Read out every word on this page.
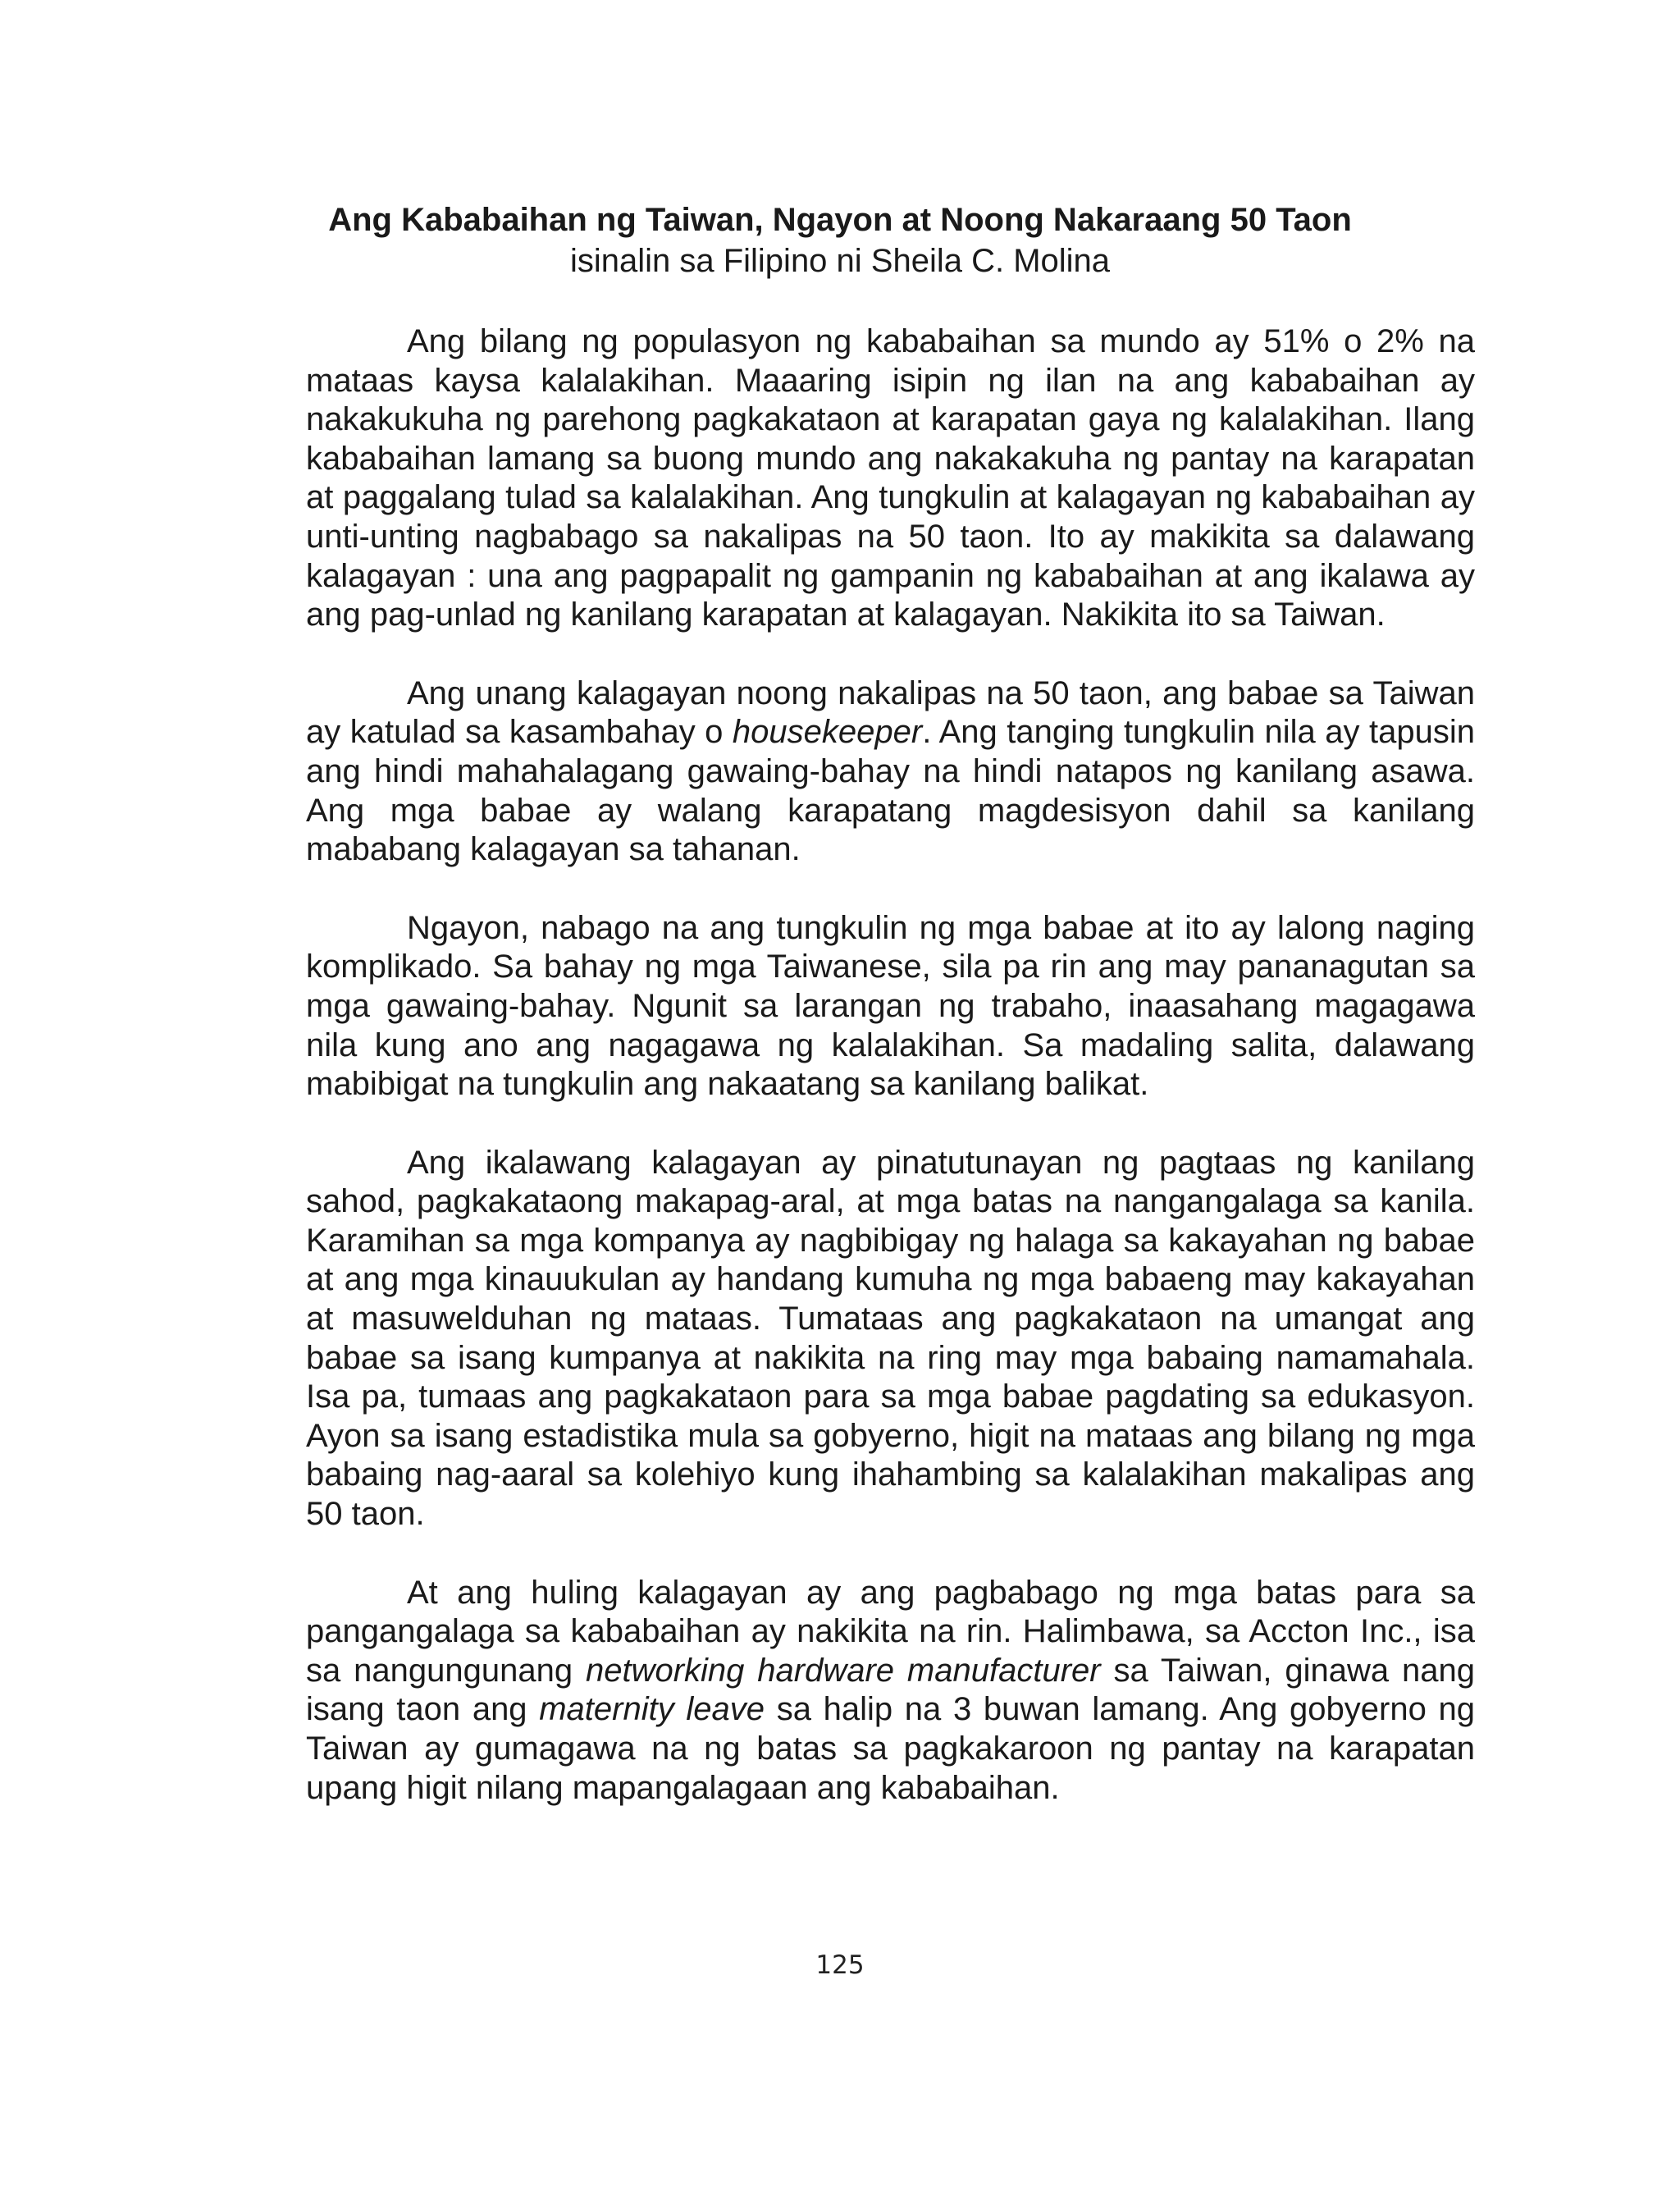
Ang Kababaihan ng Taiwan, Ngayon at Noong Nakaraang 50 Taon
isinalin sa Filipino ni Sheila C. Molina

Ang bilang ng populasyon ng kababaihan sa mundo ay 51% o 2% na mataas kaysa kalalakihan. Maaaring isipin ng ilan na ang kababaihan ay nakakukuha ng parehong pagkakataon at karapatan gaya ng kalalakihan. Ilang kababaihan lamang sa buong mundo ang nakakakuha ng pantay na karapatan at paggalang tulad sa kalalakihan. Ang tungkulin at kalagayan ng kababaihan ay unti-unting nagbabago sa nakalipas na 50 taon. Ito ay makikita sa dalawang kalagayan : una ang pagpapalit ng gampanin ng kababaihan at ang ikalawa ay ang pag-unlad ng kanilang karapatan at kalagayan. Nakikita ito sa Taiwan.

Ang unang kalagayan noong nakalipas na 50 taon, ang babae sa Taiwan ay katulad sa kasambahay o housekeeper. Ang tanging tungkulin nila ay tapusin ang hindi mahahalagang gawaing-bahay na hindi natapos ng kanilang asawa. Ang mga babae ay walang karapatang magdesisyon dahil sa kanilang mababang kalagayan sa tahanan.

Ngayon, nabago na ang tungkulin ng mga babae at ito ay lalong naging komplikado. Sa bahay ng mga Taiwanese, sila pa rin ang may pananagutan sa mga gawaing-bahay. Ngunit sa larangan ng trabaho, inaasahang magagawa nila kung ano ang nagagawa ng kalalakihan. Sa madaling salita, dalawang mabibigat na tungkulin ang nakaatang sa kanilang balikat.

Ang ikalawang kalagayan ay pinatutunayan ng pagtaas ng kanilang sahod, pagkakataong makapag-aral, at mga batas na nangangalaga sa kanila. Karamihan sa mga kompanya ay nagbibigay ng halaga sa kakayahan ng babae at ang mga kinauukulan ay handang kumuha ng mga babaeng may kakayahan at masuwelduhan ng mataas. Tumataas ang pagkakataon na umangat ang babae sa isang kumpanya at nakikita na ring may mga babaing namamahala. Isa pa, tumaas ang pagkakataon para sa mga babae pagdating sa edukasyon. Ayon sa isang estadistika mula sa gobyerno, higit na mataas ang bilang ng mga babaing nag-aaral sa kolehiyo kung ihahambing sa kalalakihan makalipas ang 50 taon.

At ang huling kalagayan ay ang pagbabago ng mga batas para sa pangangalaga sa kababaihan ay nakikita na rin. Halimbawa, sa Accton Inc., isa sa nangungunang networking hardware manufacturer sa Taiwan, ginawa nang isang taon ang maternity leave sa halip na 3 buwan lamang. Ang gobyerno ng Taiwan ay gumagawa na ng batas sa pagkakaroon ng pantay na karapatan upang higit nilang mapangalagaan ang kababaihan.

125
